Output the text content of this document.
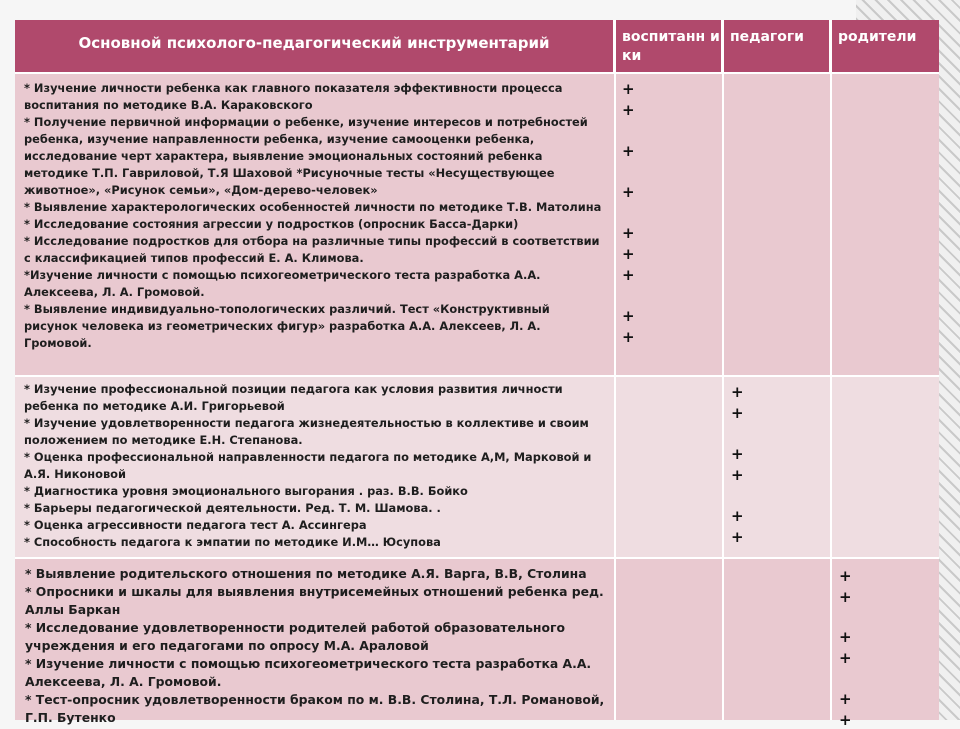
Основной психолого-педагогический инструментарий	воспитанн ики
педагоги	родители
* Изучение личности ребенка как главного показателя эффективности процесса воспитания по методике В.А. Караковского
* Получение первичной информации о ребенке, изучение интересов и потребностей ребенка, изучение направленности ребенка, изучение самооценки ребенка, исследование черт характера, выявление эмоциональных состояний ребенка методике Т.П. Гавриловой, Т.Я Шаховой *Рисуночные тесты «Несуществующее животное», «Рисунок семьи», «Дом-дерево-человек»
* Выявление характерологических особенностей личности по методике Т.В. Матолина
* Исследование состояния агрессии у подростков (опросник Басса-Дарки)
* Исследование подростков для отбора на различные типы профессий в соответствии с классификацией типов профессий Е. А. Климова.
*Изучение личности с помощью психогеометрического теста разработка А.А. Алексеева, Л. А. Громовой.
* Выявление индивидуально-топологических различий. Тест «Конструктивный рисунок человека из геометрических фигур» разработка А.А. Алексеев, Л. А. Громовой.
+
+
+
+
+
+
+
+
+
* Изучение профессиональной позиции педагога как условия развития личности ребенка по методике А.И. Григорьевой
* Изучение удовлетворенности педагога жизнедеятельностью в коллективе и своим положением по методике Е.Н. Степанова.
* Оценка профессиональной направленности педагога по методике А,М, Марковой и А.Я. Никоновой
* Диагностика уровня эмоционального выгорания . раз. В.В. Бойко
* Барьеры педагогической деятельности. Ред. Т. М. Шамова. .
* Оценка агрессивности педагога тест А. Ассингера
* Способность педагога к эмпатии по методике И.М… Юсупова
+
+
+
+
+
+
* Выявление родительского отношения по методике А.Я. Варга, В.В, Столина
* Опросники и шкалы для выявления внутрисемейных отношений ребенка ред. Аллы Баркан
* Исследование удовлетворенности родителей работой образовательного учреждения и его педагогами по опросу М.А. Араловой
* Изучение личности с помощью психогеометрического теста разработка А.А. Алексеева, Л. А. Громовой.
* Тест-опросник удовлетворенности браком по м. В.В. Столина, Т.Л. Романовой, Г.П. Бутенко
+
+
+
+
+
+
